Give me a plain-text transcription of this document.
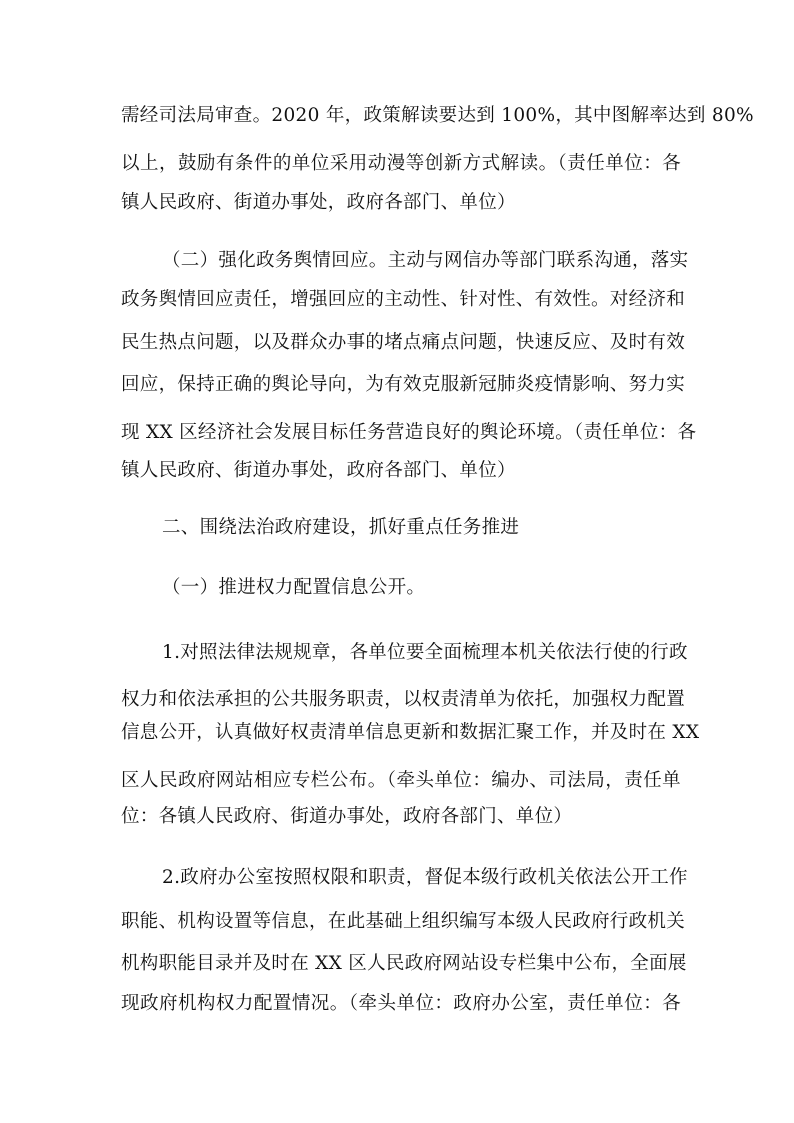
需经司法局审查。2020 年，政策解读要达到 100%，其中图解率达到 80%
以上，鼓励有条件的单位采用动漫等创新方式解读。（责任单位：各
镇人民政府、街道办事处，政府各部门、单位）
（二）强化政务舆情回应。主动与网信办等部门联系沟通，落实
政务舆情回应责任，增强回应的主动性、针对性、有效性。对经济和
民生热点问题，以及群众办事的堵点痛点问题，快速反应、及时有效
回应，保持正确的舆论导向，为有效克服新冠肺炎疫情影响、努力实
现 XX 区经济社会发展目标任务营造良好的舆论环境。（责任单位：各
镇人民政府、街道办事处，政府各部门、单位）
二、围绕法治政府建设，抓好重点任务推进
（一）推进权力配置信息公开。
1.对照法律法规规章，各单位要全面梳理本机关依法行使的行政
权力和依法承担的公共服务职责，以权责清单为依托，加强权力配置
信息公开，认真做好权责清单信息更新和数据汇聚工作，并及时在 XX
区人民政府网站相应专栏公布。（牵头单位：编办、司法局，责任单
位：各镇人民政府、街道办事处，政府各部门、单位）
2.政府办公室按照权限和职责，督促本级行政机关依法公开工作
职能、机构设置等信息，在此基础上组织编写本级人民政府行政机关
机构职能目录并及时在 XX 区人民政府网站设专栏集中公布，全面展
现政府机构权力配置情况。（牵头单位：政府办公室，责任单位：各
